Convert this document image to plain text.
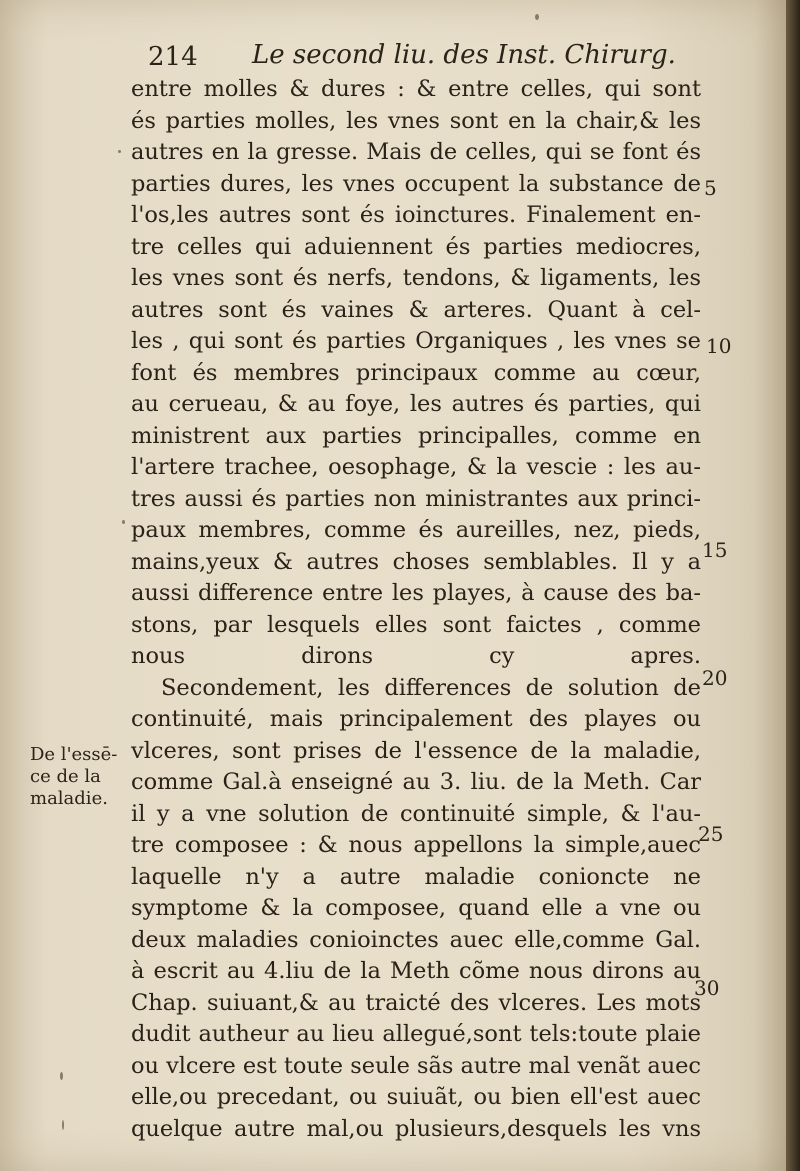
214 Le second liu. des Inst. Chirurg.
De l'essē-
ce de la
maladie.
entre molles & dures : & entre celles, qui sont
és parties molles, les vnes sont en la chair,& les
autres en la gresse. Mais de celles, qui se font és
parties dures, les vnes occupent la substance de
l'os,les autres sont és ioinctures. Finalement en-
tre celles qui aduiennent és parties mediocres,
les vnes sont és nerfs, tendons, & ligaments, les
autres sont és vaines & arteres. Quant à cel-
les , qui sont és parties Organiques , les vnes se
font és membres principaux comme au cœur,
au cerueau, & au foye, les autres és parties, qui
ministrent aux parties principalles, comme en
l'artere trachee, oesophage, & la vescie : les au-
tres aussi és parties non ministrantes aux princi-
paux membres, comme és aureilles, nez, pieds,
mains,yeux & autres choses semblables. Il y a
aussi difference entre les playes, à cause des ba-
stons, par lesquels elles sont faictes , comme
nous dirons cy apres.
Secondement, les differences de solution de
continuité, mais principalement des playes ou
vlceres, sont prises de l'essence de la maladie,
comme Gal.à enseigné au 3. liu. de la Meth. Car
il y a vne solution de continuité simple, & l'au-
tre composee : & nous appellons la simple,auec
laquelle n'y a autre maladie conioncte ne
symptome & la composee, quand elle a vne ou
deux maladies conioinctes auec elle,comme Gal.
à escrit au 4.liu de la Meth cõme nous dirons au
Chap. suiuant,& au traicté des vlceres. Les mots
dudit autheur au lieu allegué,sont tels:toute plaie
ou vlcere est toute seule sãs autre mal venãt auec
elle,ou precedant, ou suiuãt, ou bien ell'est auec
quelque autre mal,ou plusieurs,desquels les vns
5
10
15
20
25
30
